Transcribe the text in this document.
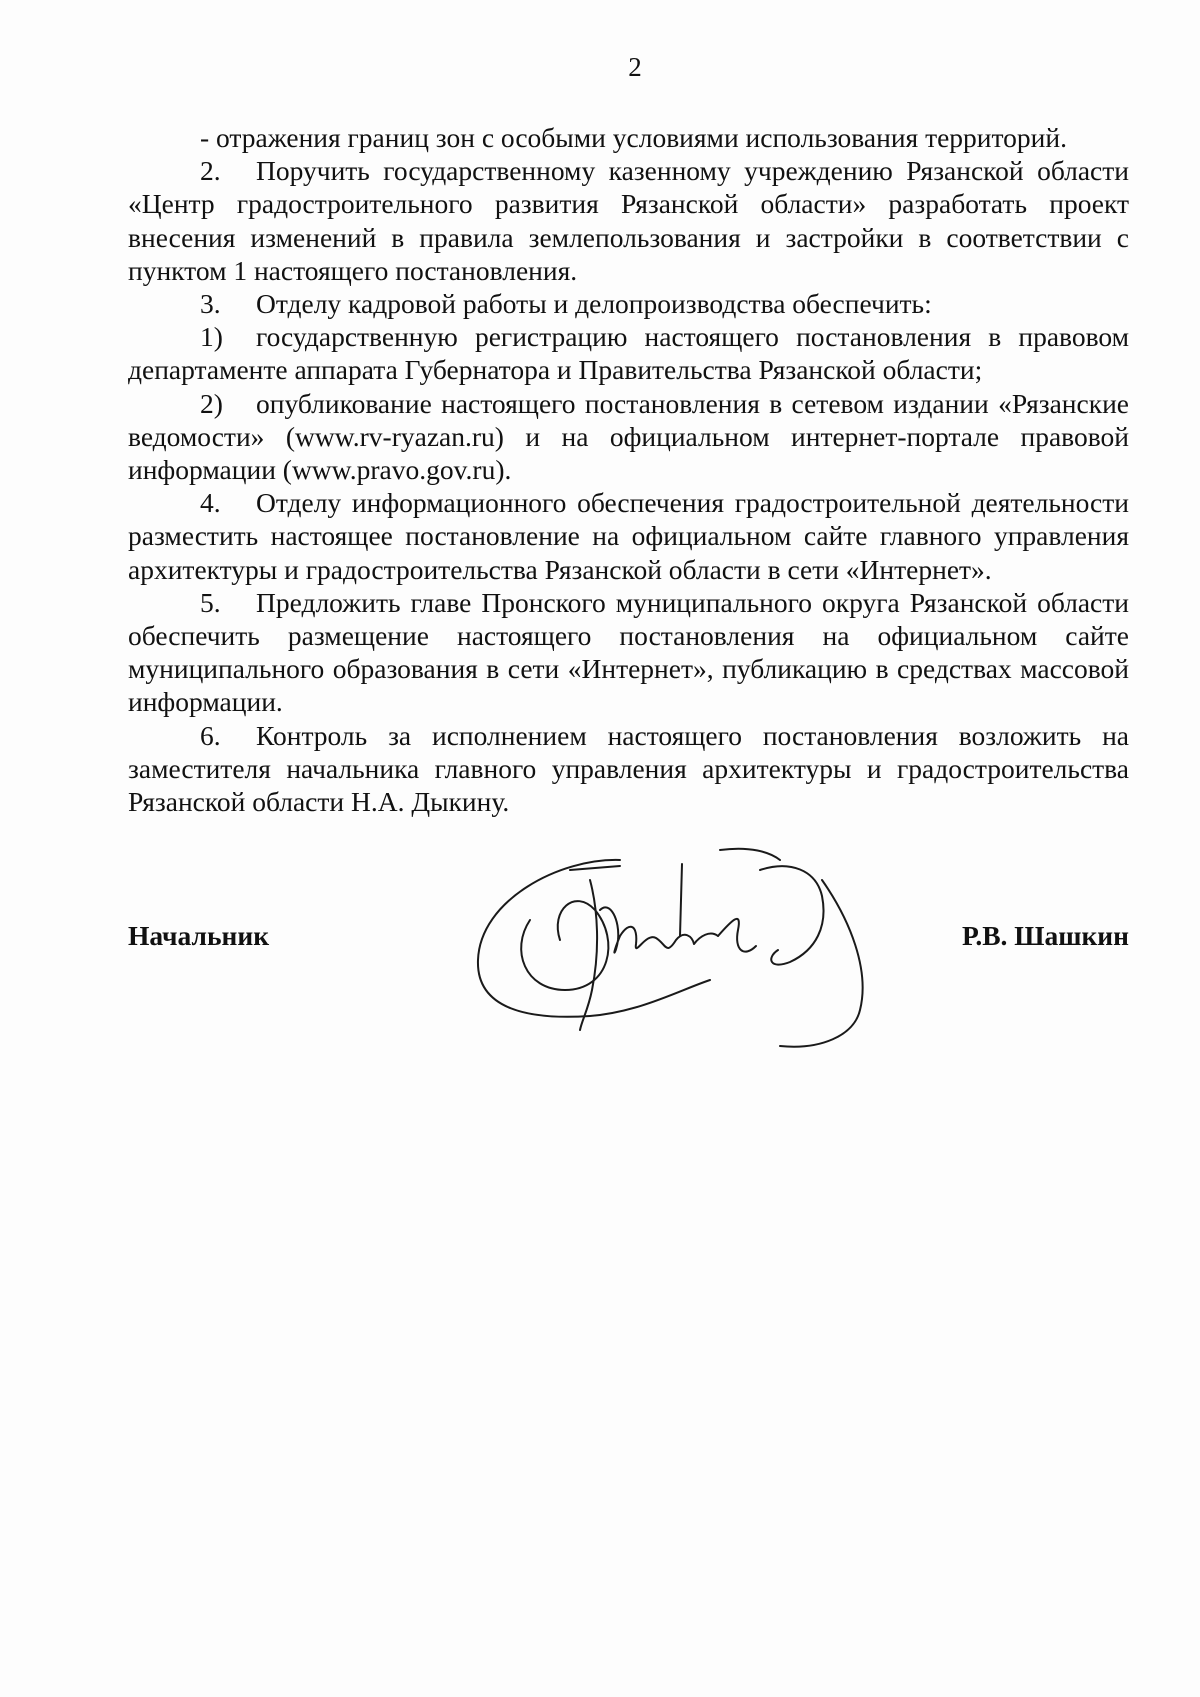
2

- отражения границ зон с особыми условиями использования территорий.

2. Поручить государственному казенному учреждению Рязанской области «Центр градостроительного развития Рязанской области» разработать проект внесения изменений в правила землепользования и застройки в соответствии с пунктом 1 настоящего постановления.

3. Отделу кадровой работы и делопроизводства обеспечить:

1) государственную регистрацию настоящего постановления в правовом департаменте аппарата Губернатора и Правительства Рязанской области;

2) опубликование настоящего постановления в сетевом издании «Рязанские ведомости» (www.rv-ryazan.ru) и на официальном интернет-портале правовой информации (www.pravo.gov.ru).

4. Отделу информационного обеспечения градостроительной деятельности разместить настоящее постановление на официальном сайте главного управления архитектуры и градостроительства Рязанской области в сети «Интернет».

5. Предложить главе Пронского муниципального округа Рязанской области обеспечить размещение настоящего постановления на официальном сайте муниципального образования в сети «Интернет», публикацию в средствах массовой информации.

6. Контроль за исполнением настоящего постановления возложить на заместителя начальника главного управления архитектуры и градостроительства Рязанской области Н.А. Дыкину.

Начальник	Р.В. Шашкин
